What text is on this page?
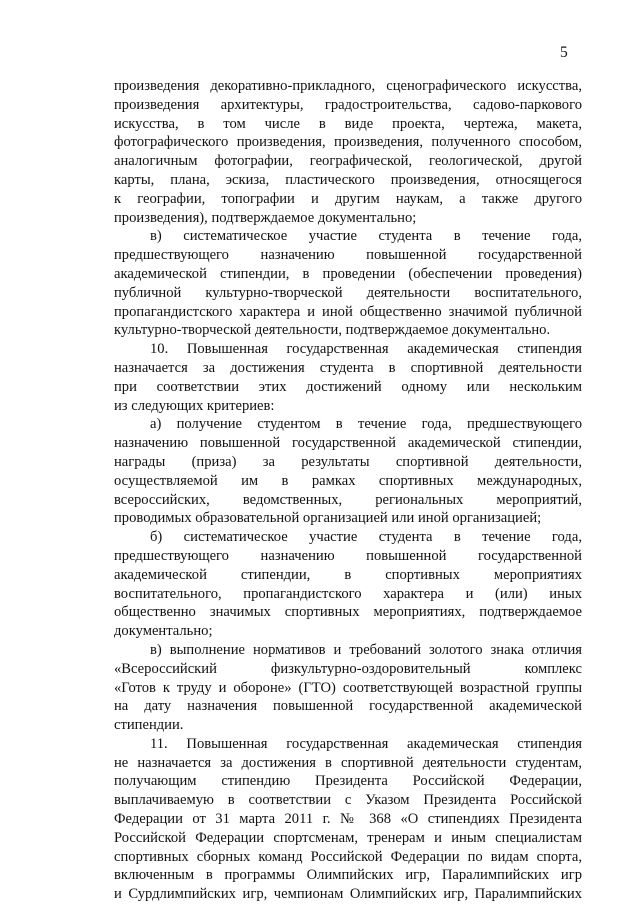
5
произведения декоративно-прикладного, сценографического искусства,
произведения архитектуры, градостроительства, садово-паркового
искусства, в том числе в виде проекта, чертежа, макета,
фотографического произведения, произведения, полученного способом,
аналогичным фотографии, географической, геологической, другой
карты, плана, эскиза, пластического произведения, относящегося
к географии, топографии и другим наукам, а также другого
произведения), подтверждаемое документально;
в) систематическое участие студента в течение года,
предшествующего назначению повышенной государственной
академической стипендии, в проведении (обеспечении проведения)
публичной культурно-творческой деятельности воспитательного,
пропагандистского характера и иной общественно значимой публичной
культурно-творческой деятельности, подтверждаемое документально.
10. Повышенная государственная академическая стипендия
назначается за достижения студента в спортивной деятельности
при соответствии этих достижений одному или нескольким
из следующих критериев:
а) получение студентом в течение года, предшествующего
назначению повышенной государственной академической стипендии,
награды (приза) за результаты спортивной деятельности,
осуществляемой им в рамках спортивных международных,
всероссийских, ведомственных, региональных мероприятий,
проводимых образовательной организацией или иной организацией;
б) систематическое участие студента в течение года,
предшествующего назначению повышенной государственной
академической стипендии, в спортивных мероприятиях
воспитательного, пропагандистского характера и (или) иных
общественно значимых спортивных мероприятиях, подтверждаемое
документально;
в) выполнение нормативов и требований золотого знака отличия
«Всероссийский физкультурно-оздоровительный комплекс
«Готов к труду и обороне» (ГТО) соответствующей возрастной группы
на дату назначения повышенной государственной академической
стипендии.
11. Повышенная государственная академическая стипендия
не назначается за достижения в спортивной деятельности студентам,
получающим стипендию Президента Российской Федерации,
выплачиваемую в соответствии с Указом Президента Российской
Федерации от 31 марта 2011 г. № 368 «О стипендиях Президента
Российской Федерации спортсменам, тренерам и иным специалистам
спортивных сборных команд Российской Федерации по видам спорта,
включенным в программы Олимпийских игр, Паралимпийских игр
и Сурдлимпийских игр, чемпионам Олимпийских игр, Паралимпийских
